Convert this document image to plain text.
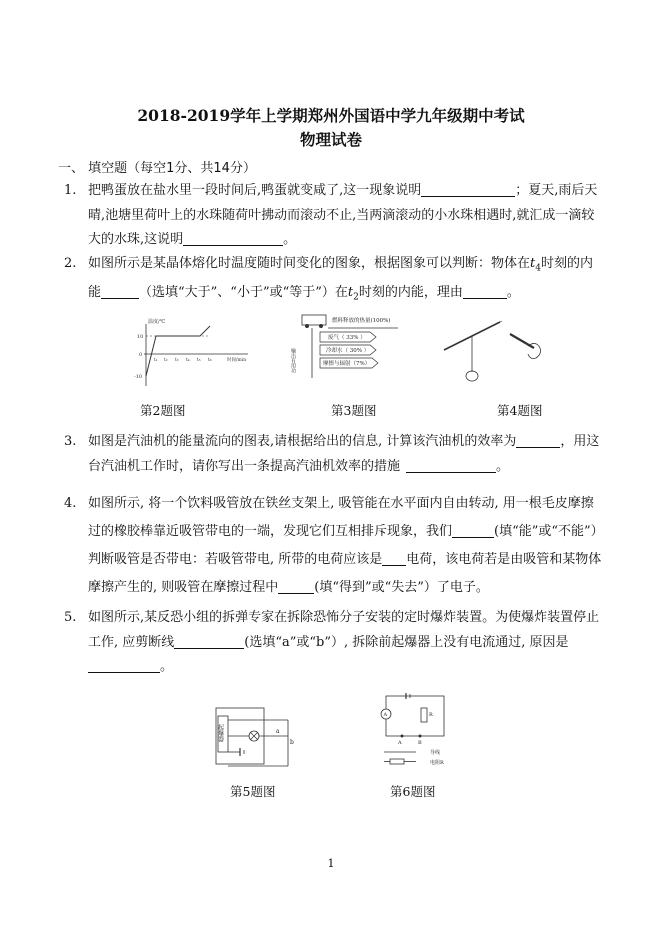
2018-2019学年上学期郑州外国语中学九年级期中考试
物理试卷
一、 填空题（每空1分、共14分）
1. 把鸭蛋放在盐水里一段时间后,鸭蛋就变咸了,这一现象说明	；夏天,雨后天晴,池塘里荷叶上的水珠随荷叶拂动而滚动不止,当两滴滚动的小水珠相遇时,就汇成一滴较大的水珠,这说明	。
2. 如图所示是某晶体熔化时温度随时间变化的图象，根据图象可以判断：物体在$t_4$时刻的内能	（选填“大于”、“小于”或“等于”）在$t_2$时刻的内能，理由	。
温度/℃
10
0
-10
时间/min
t₁ t₂ t₃ t₄ t₅ t₆
燃料释放的热量(100%)
废气（ 33% ）
冷却水（ 30% ）
摩擦与辐射（7%）
输出有用功
第2题图	第3题图	第4题图
3. 如图是汽油机的能量流向的图表,请根据给出的信息, 计算该汽油机的效率为	，用这台汽油机工作时，请你写出一条提高汽油机效率的措施	。
4. 如图所示, 将一个饮料吸管放在铁丝支架上, 吸管能在水平面内自由转动, 用一根毛皮摩擦过的橡胶棒靠近吸管带电的一端，发现它们互相排斥现象，我们	(填“能”或“不能”）判断吸管是否带电：若吸管带电, 所带的电荷应该是 电荷，该电荷若是由吸管和某物体摩擦产生的, 则吸管在摩擦过程中	(填“得到”或“失去”）了电子。
5. 如图所示,某反恐小组的拆弹专家在拆除恐怖分子安装的定时爆炸装置。为使爆炸装置停止工作, 应剪断线	(选填“a”或“b”）, 拆除前起爆器上没有电流通过, 原因是。
起爆器	a
b
A	R
A	B
导线
电阻R
第5题图	第6题图
1
